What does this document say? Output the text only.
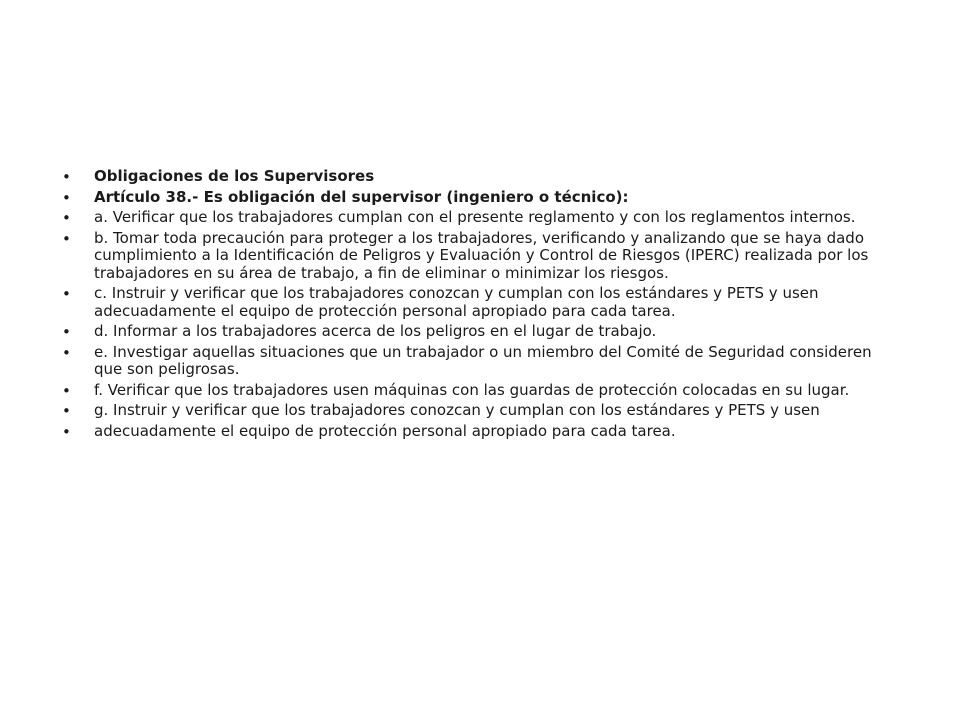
• Obligaciones de los Supervisores
• Artículo 38.- Es obligación del supervisor (ingeniero o técnico):
• a. Verificar que los trabajadores cumplan con el presente reglamento y con los reglamentos internos.
• b. Tomar toda precaución para proteger a los trabajadores, verificando y analizando que se haya dado cumplimiento a la Identificación de Peligros y Evaluación y Control de Riesgos (IPERC) realizada por los trabajadores en su área de trabajo, a fin de eliminar o minimizar los riesgos.
• c. Instruir y verificar que los trabajadores conozcan y cumplan con los estándares y PETS y usen adecuadamente el equipo de protección personal apropiado para cada tarea.
• d. Informar a los trabajadores acerca de los peligros en el lugar de trabajo.
• e. Investigar aquellas situaciones que un trabajador o un miembro del Comité de Seguridad consideren que son peligrosas.
• f. Verificar que los trabajadores usen máquinas con las guardas de protección colocadas en su lugar.
• g. Instruir y verificar que los trabajadores conozcan y cumplan con los estándares y PETS y usen
• adecuadamente el equipo de protección personal apropiado para cada tarea.
